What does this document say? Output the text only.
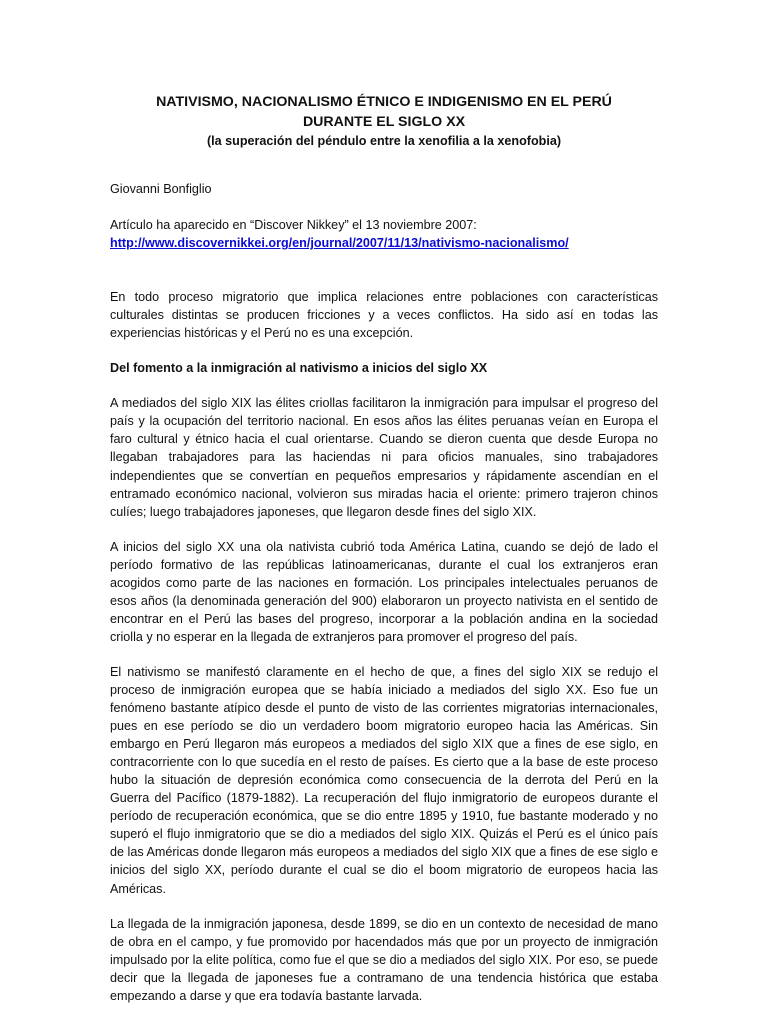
NATIVISMO, NACIONALISMO ÉTNICO E INDIGENISMO EN EL PERÚ
DURANTE EL SIGLO XX

(la superación del péndulo entre la xenofilia a la xenofobia)

Giovanni Bonfiglio

Artículo ha aparecido en “Discover Nikkey” el 13 noviembre 2007:
http://www.discovernikkei.org/en/journal/2007/11/13/nativismo-nacionalismo/

En todo proceso migratorio que implica relaciones entre poblaciones con características culturales distintas se producen fricciones y a veces conflictos. Ha sido así en todas las experiencias históricas y el Perú no es una excepción.

Del fomento a la inmigración al nativismo a inicios del siglo XX

A mediados del siglo XIX las élites criollas facilitaron la inmigración para impulsar el progreso del país y la ocupación del territorio nacional. En esos años las élites peruanas veían en Europa el faro cultural y étnico hacia el cual orientarse. Cuando se dieron cuenta que desde Europa no llegaban trabajadores para las haciendas ni para oficios manuales, sino trabajadores independientes que se convertían en pequeños empresarios y rápidamente ascendían en el entramado económico nacional, volvieron sus miradas hacia el oriente: primero trajeron chinos culíes; luego trabajadores japoneses, que llegaron desde fines del siglo XIX.

A inicios del siglo XX una ola nativista cubrió toda América Latina, cuando se dejó de lado el período formativo de las repúblicas latinoamericanas, durante el cual los extranjeros eran acogidos como parte de las naciones en formación. Los principales intelectuales peruanos de esos años (la denominada generación del 900) elaboraron un proyecto nativista en el sentido de encontrar en el Perú las bases del progreso, incorporar a la población andina en la sociedad criolla y no esperar en la llegada de extranjeros para promover el progreso del país.

El nativismo se manifestó claramente en el hecho de que, a fines del siglo XIX se redujo el proceso de inmigración europea que se había iniciado a mediados del siglo XX. Eso fue un fenómeno bastante atípico desde el punto de visto de las corrientes migratorias internacionales, pues en ese período se dio un verdadero boom migratorio europeo hacia las Américas. Sin embargo en Perú llegaron más europeos a mediados del siglo XIX que a fines de ese siglo, en contracorriente con lo que sucedía en el resto de países. Es cierto que a la base de este proceso hubo la situación de depresión económica como consecuencia de la derrota del Perú en la Guerra del Pacífico (1879-1882). La recuperación del flujo inmigratorio de europeos durante el período de recuperación económica, que se dio entre 1895 y 1910, fue bastante moderado y no superó el flujo inmigratorio que se dio a mediados del siglo XIX. Quizás el Perú es el único país de las Américas donde llegaron más europeos a mediados del siglo XIX que a fines de ese siglo e inicios del siglo XX, período durante el cual se dio el boom migratorio de europeos hacia las Américas.

La llegada de la inmigración japonesa, desde 1899, se dio en un contexto de necesidad de mano de obra en el campo, y fue promovido por hacendados más que por un proyecto de inmigración impulsado por la elite política, como fue el que se dio a mediados del siglo XIX. Por eso, se puede decir que la llegada de japoneses fue a contramano de una tendencia histórica que estaba empezando a darse y que era todavía bastante larvada.
